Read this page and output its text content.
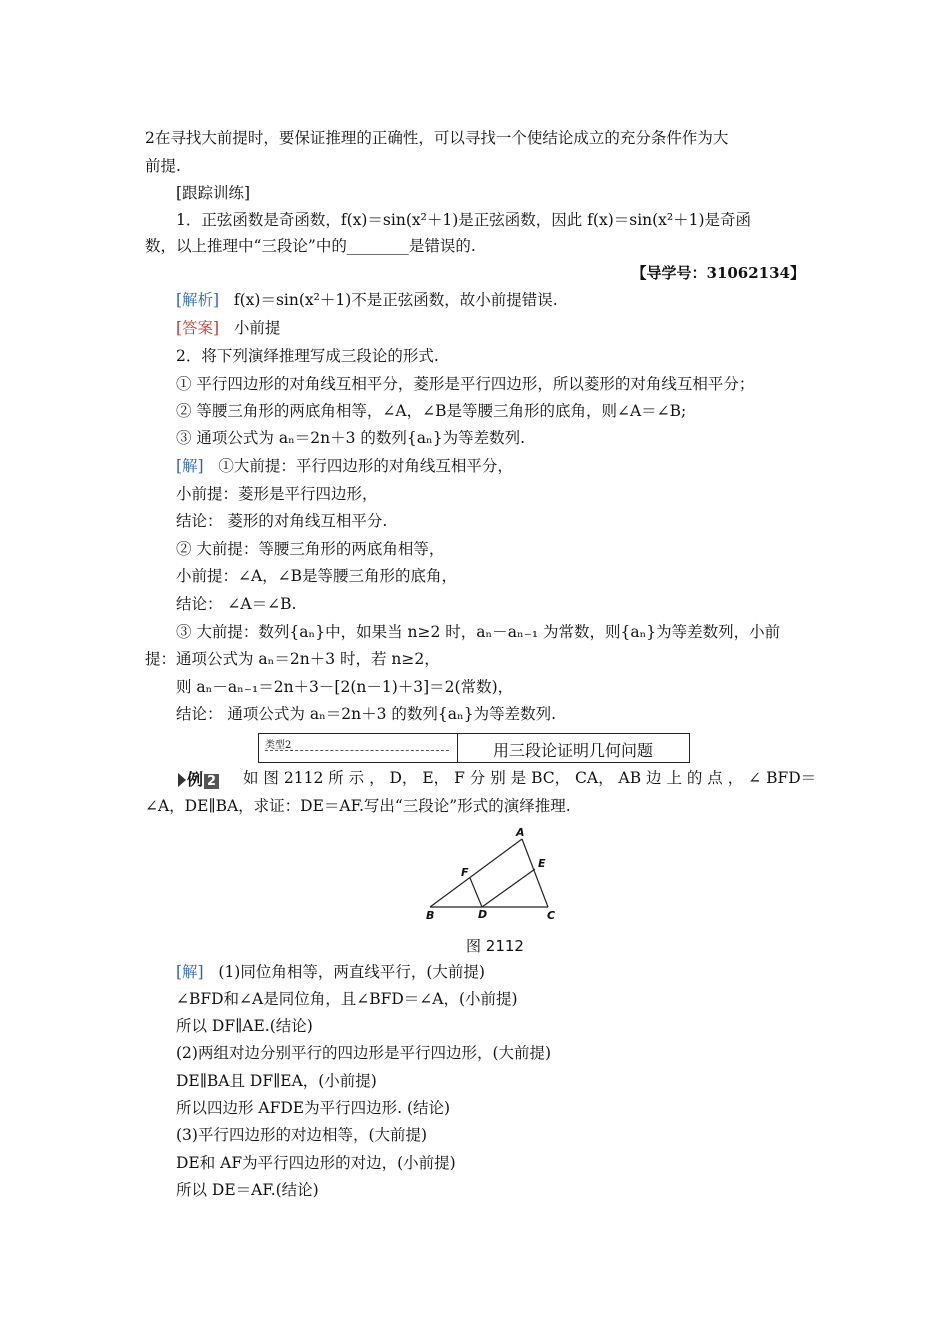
2在寻找大前提时，要保证推理的正确性，可以寻找一个使结论成立的充分条件作为大
前提.
[跟踪训练]
1．正弦函数是奇函数，f(x)＝sin(x²＋1)是正弦函数，因此 f(x)＝sin(x²＋1)是奇函
数，以上推理中“三段论”中的________是错误的.
【导学号：31062134】
[解析] f(x)＝sin(x²＋1)不是正弦函数，故小前提错误.
[答案] 小前提
2．将下列演绎推理写成三段论的形式.
① 平行四边形的对角线互相平分，菱形是平行四边形，所以菱形的对角线互相平分；
② 等腰三角形的两底角相等，∠A，∠B是等腰三角形的底角，则∠A＝∠B;
③ 通项公式为 aₙ＝2n＋3 的数列{aₙ}为等差数列.
[解] ①大前提：平行四边形的对角线互相平分，
小前提：菱形是平行四边形，
结论： 菱形的对角线互相平分.
② 大前提：等腰三角形的两底角相等，
小前提：∠A，∠B是等腰三角形的底角，
结论： ∠A＝∠B.
③ 大前提：数列{aₙ}中，如果当 n≥2 时，aₙ－aₙ₋₁ 为常数，则{aₙ}为等差数列，小前
提：通项公式为 aₙ＝2n＋3 时，若 n≥2，
则 aₙ－aₙ₋₁＝2n＋3－[2(n－1)＋3]＝2(常数)，
结论： 通项公式为 aₙ＝2n＋3 的数列{aₙ}为等差数列.
类型2	用三段论证明几何问题
例 2 如 图 2112 所 示 ， D， E， F 分 别 是 BC， CA， AB 边 上 的 点 ， ∠ BFD＝
∠A，DE∥BA，求证：DE＝AF.写出“三段论”形式的演绎推理.
A
E
F
B	D	C
图 2112
[解] (1)同位角相等，两直线平行，(大前提)
∠BFD和∠A是同位角，且∠BFD＝∠A，(小前提)
所以 DF∥AE.(结论)
(2)两组对边分别平行的四边形是平行四边形，(大前提)
DE∥BA且 DF∥EA，(小前提)
所以四边形 AFDE为平行四边形. (结论)
(3)平行四边形的对边相等，(大前提)
DE和 AF为平行四边形的对边，(小前提)
所以 DE＝AF.(结论)
